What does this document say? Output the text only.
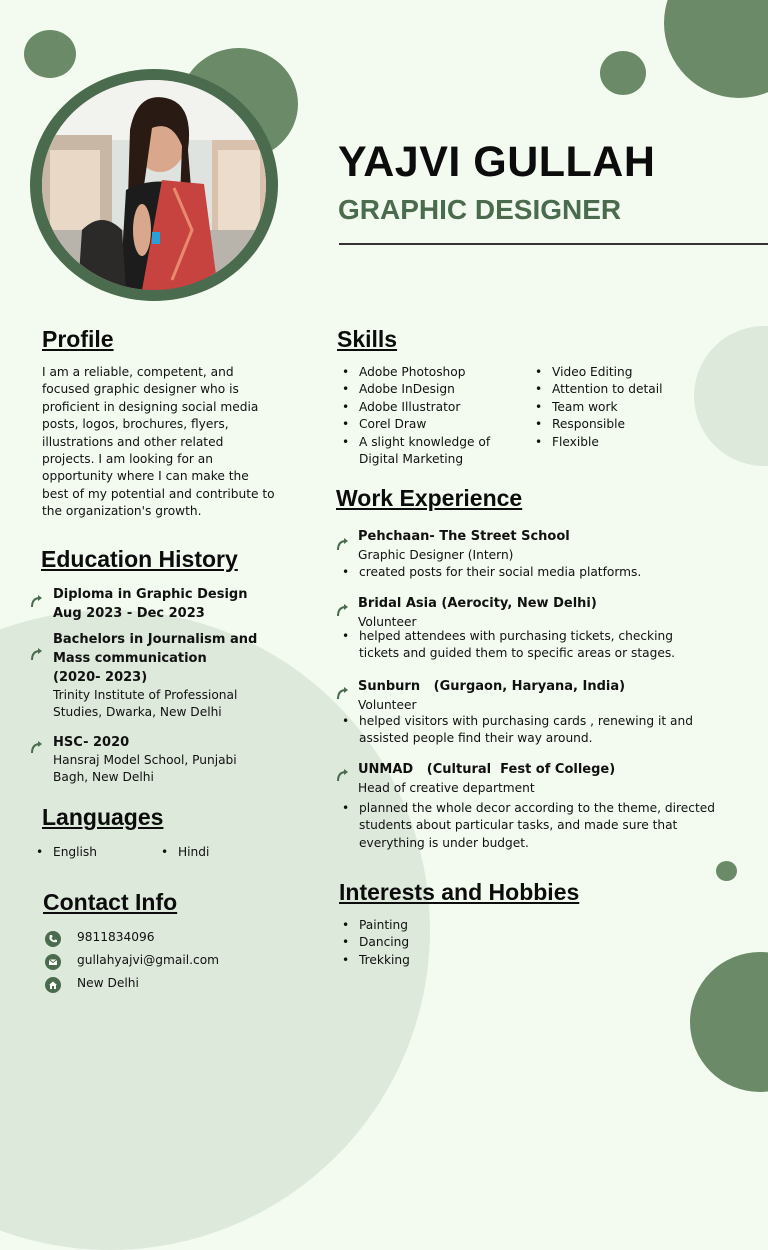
YAJVI GULLAH
GRAPHIC DESIGNER
Profile
I am a reliable, competent, and
focused graphic designer who is
proficient in designing social media
posts, logos, brochures, flyers,
illustrations and other related
projects. I am looking for an
opportunity where I can make the
best of my potential and contribute to
the organization's growth.
Education History
Diploma in Graphic Design
Aug 2023 - Dec 2023
Bachelors in Journalism and
Mass communication
(2020- 2023)
Trinity Institute of Professional
Studies, Dwarka, New Delhi
HSC- 2020
Hansraj Model School, Punjabi
Bagh, New Delhi
Languages
• English
•	Hindi
Contact Info
9811834096
gullahyajvi@gmail.com
New Delhi
Skills
• Adobe Photoshop
• Adobe InDesign
• Adobe Illustrator
• Corel Draw
• A slight knowledge of
Digital Marketing
• Video Editing
• Attention to detail
• Team work
• Responsible
• Flexible
Work Experience
Pehchaan- The Street School
Graphic Designer (Intern)
• created posts for their social media platforms.
Bridal Asia (Aerocity, New Delhi)
Volunteer
• helped attendees with purchasing tickets, checking
tickets and guided them to specific areas or stages.
Sunburn   (Gurgaon, Haryana, India)
Volunteer
• helped visitors with purchasing cards , renewing it and
assisted people find their way around.
UNMAD   (Cultural  Fest of College)
Head of creative department
• planned the whole decor according to the theme, directed
students about particular tasks, and made sure that
everything is under budget.
Interests and Hobbies
• Painting
• Dancing
• Trekking
